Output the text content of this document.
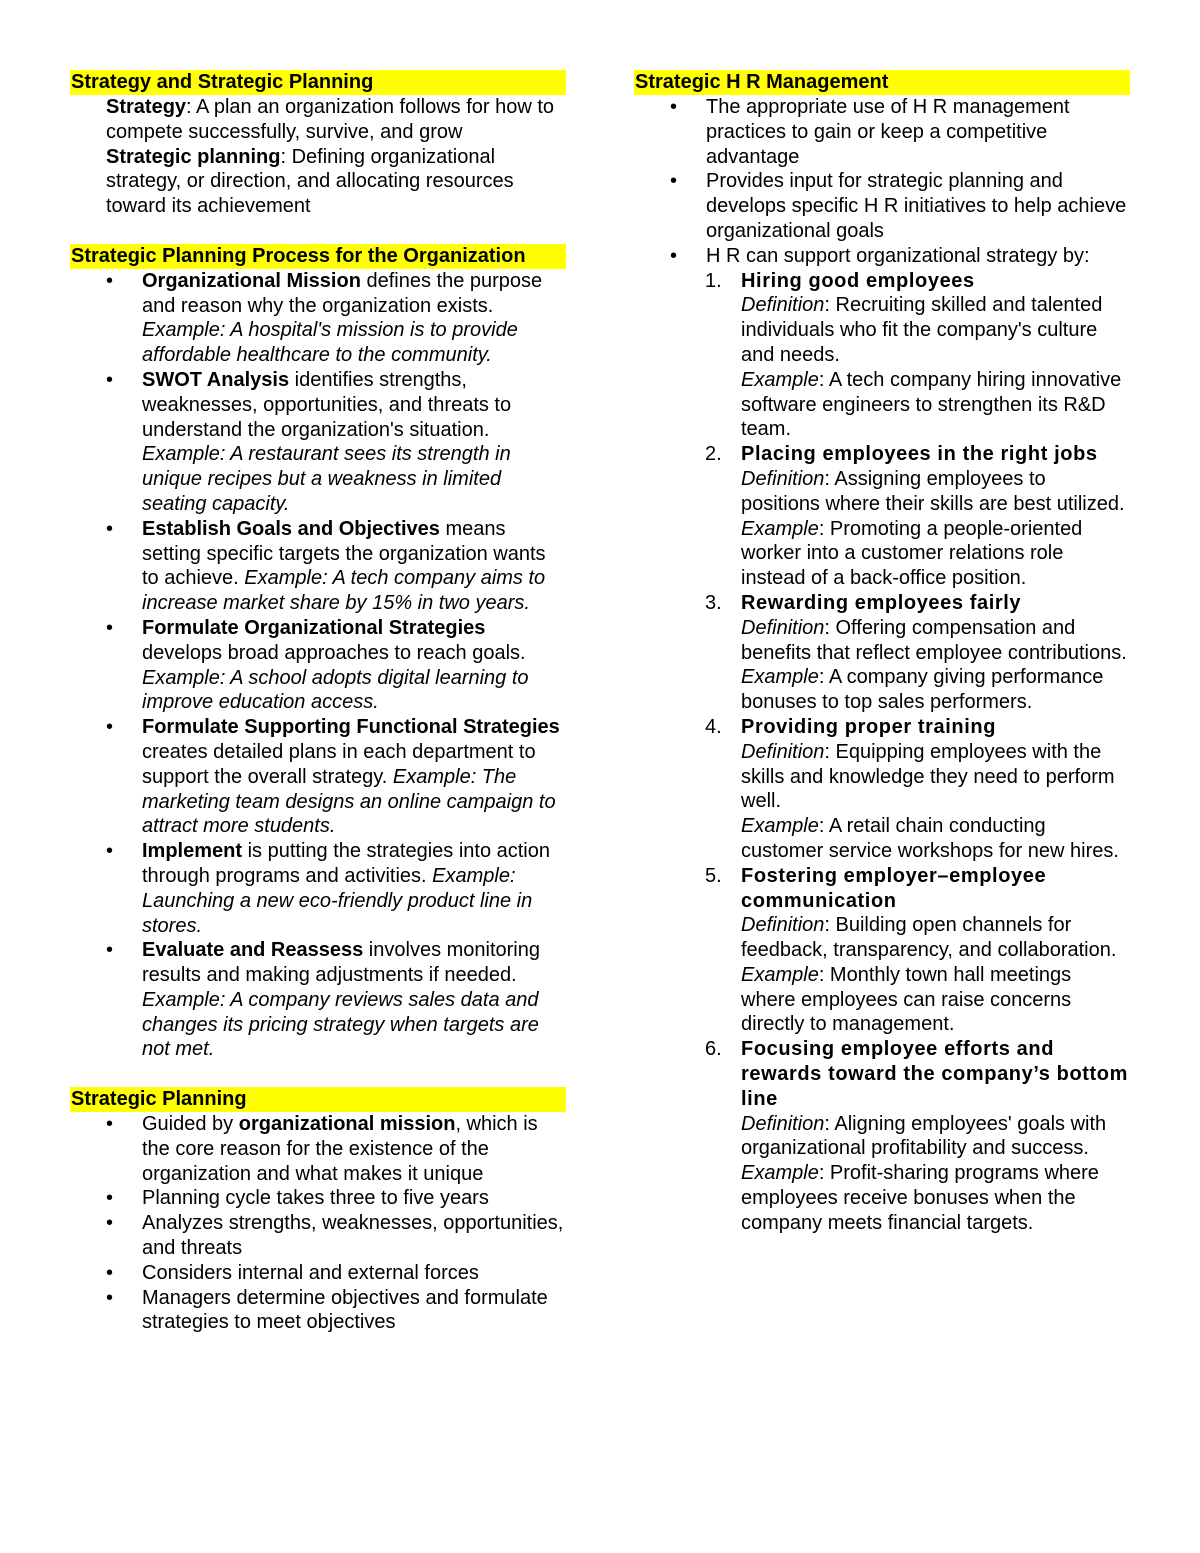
Strategy and Strategic Planning
Strategy: A plan an organization follows for how to compete successfully, survive, and grow
Strategic planning: Defining organizational strategy, or direction, and allocating resources toward its achievement
Strategic Planning Process for the Organization
• Organizational Mission defines the purpose and reason why the organization exists. Example: A hospital's mission is to provide affordable healthcare to the community.
• SWOT Analysis identifies strengths, weaknesses, opportunities, and threats to understand the organization's situation. Example: A restaurant sees its strength in unique recipes but a weakness in limited seating capacity.
• Establish Goals and Objectives means setting specific targets the organization wants to achieve. Example: A tech company aims to increase market share by 15% in two years.
• Formulate Organizational Strategies develops broad approaches to reach goals. Example: A school adopts digital learning to improve education access.
• Formulate Supporting Functional Strategies creates detailed plans in each department to support the overall strategy. Example: The marketing team designs an online campaign to attract more students.
• Implement is putting the strategies into action through programs and activities. Example: Launching a new eco-friendly product line in stores.
• Evaluate and Reassess involves monitoring results and making adjustments if needed. Example: A company reviews sales data and changes its pricing strategy when targets are not met.
Strategic Planning
• Guided by organizational mission, which is the core reason for the existence of the organization and what makes it unique
• Planning cycle takes three to five years
• Analyzes strengths, weaknesses, opportunities, and threats
• Considers internal and external forces
• Managers determine objectives and formulate strategies to meet objectives
Strategic H R Management
• The appropriate use of H R management practices to gain or keep a competitive advantage
• Provides input for strategic planning and develops specific H R initiatives to help achieve organizational goals
• H R can support organizational strategy by:
1. Hiring good employees
Definition: Recruiting skilled and talented individuals who fit the company's culture and needs.
Example: A tech company hiring innovative software engineers to strengthen its R&D team.
2. Placing employees in the right jobs
Definition: Assigning employees to positions where their skills are best utilized.
Example: Promoting a people-oriented worker into a customer relations role instead of a back-office position.
3. Rewarding employees fairly
Definition: Offering compensation and benefits that reflect employee contributions.
Example: A company giving performance bonuses to top sales performers.
4. Providing proper training
Definition: Equipping employees with the skills and knowledge they need to perform well.
Example: A retail chain conducting customer service workshops for new hires.
5. Fostering employer–employee communication
Definition: Building open channels for feedback, transparency, and collaboration.
Example: Monthly town hall meetings where employees can raise concerns directly to management.
6. Focusing employee efforts and rewards toward the company’s bottom line
Definition: Aligning employees' goals with organizational profitability and success.
Example: Profit-sharing programs where employees receive bonuses when the company meets financial targets.
